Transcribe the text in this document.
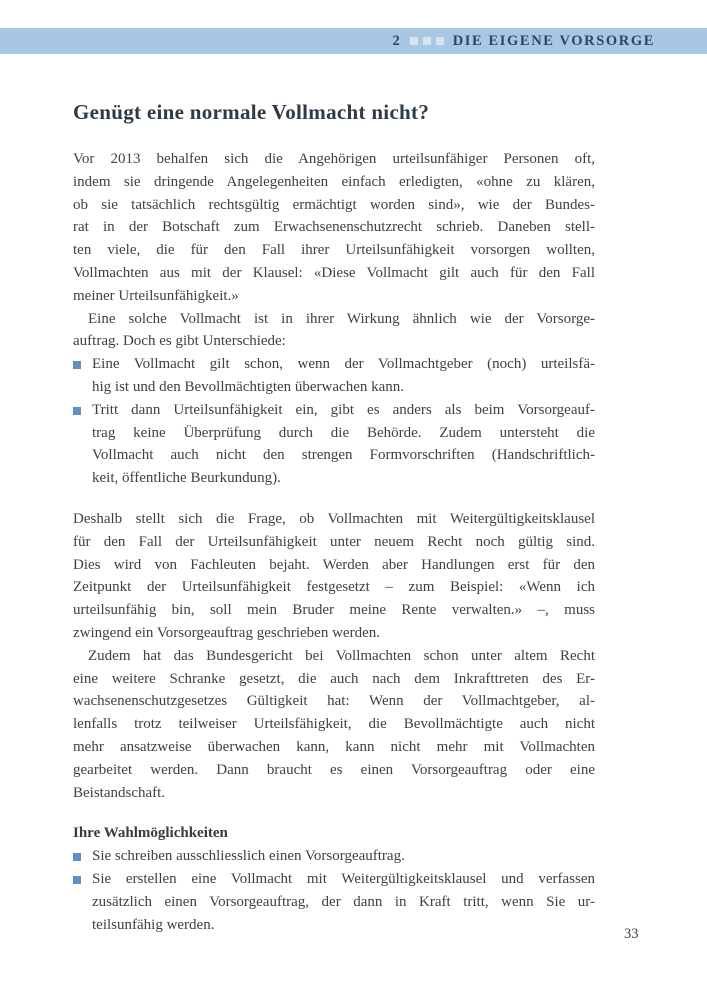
2	DIE EIGENE VORSORGE
Genügt eine normale Vollmacht nicht?
Vor 2013 behalfen sich die Angehörigen urteilsunfähiger Personen oft,
indem sie dringende Angelegenheiten einfach erledigten, «ohne zu klären,
ob sie tatsächlich rechtsgültig ermächtigt worden sind», wie der Bundes-
rat in der Botschaft zum Erwachsenenschutzrecht schrieb. Daneben stell-
ten viele, die für den Fall ihrer Urteilsunfähigkeit vorsorgen wollten,
Vollmachten aus mit der Klausel: «Diese Vollmacht gilt auch für den Fall
meiner Urteilsunfähigkeit.»
Eine solche Vollmacht ist in ihrer Wirkung ähnlich wie der Vorsorge-
auftrag. Doch es gibt Unterschiede:
Eine Vollmacht gilt schon, wenn der Vollmachtgeber (noch) urteilsfä-
hig ist und den Bevollmächtigten überwachen kann.
Tritt dann Urteilsunfähigkeit ein, gibt es anders als beim Vorsorgeauf-
trag keine Überprüfung durch die Behörde. Zudem untersteht die
Vollmacht auch nicht den strengen Formvorschriften (Handschriftlich-
keit, öffentliche Beurkundung).
Deshalb stellt sich die Frage, ob Vollmachten mit Weitergültigkeitsklausel
für den Fall der Urteilsunfähigkeit unter neuem Recht noch gültig sind.
Dies wird von Fachleuten bejaht. Werden aber Handlungen erst für den
Zeitpunkt der Urteilsunfähigkeit festgesetzt – zum Beispiel: «Wenn ich
urteilsunfähig bin, soll mein Bruder meine Rente verwalten.» –, muss
zwingend ein Vorsorgeauftrag geschrieben werden.
Zudem hat das Bundesgericht bei Vollmachten schon unter altem Recht
eine weitere Schranke gesetzt, die auch nach dem Inkrafttreten des Er-
wachsenenschutzgesetzes Gültigkeit hat: Wenn der Vollmachtgeber, al-
lenfalls trotz teilweiser Urteilsfähigkeit, die Bevollmächtigte auch nicht
mehr ansatzweise überwachen kann, kann nicht mehr mit Vollmachten
gearbeitet werden. Dann braucht es einen Vorsorgeauftrag oder eine
Beistandschaft.
Ihre Wahlmöglichkeiten
Sie schreiben ausschliesslich einen Vorsorgeauftrag.
Sie erstellen eine Vollmacht mit Weitergültigkeitsklausel und verfassen
zusätzlich einen Vorsorgeauftrag, der dann in Kraft tritt, wenn Sie ur-
teilsunfähig werden.
33
